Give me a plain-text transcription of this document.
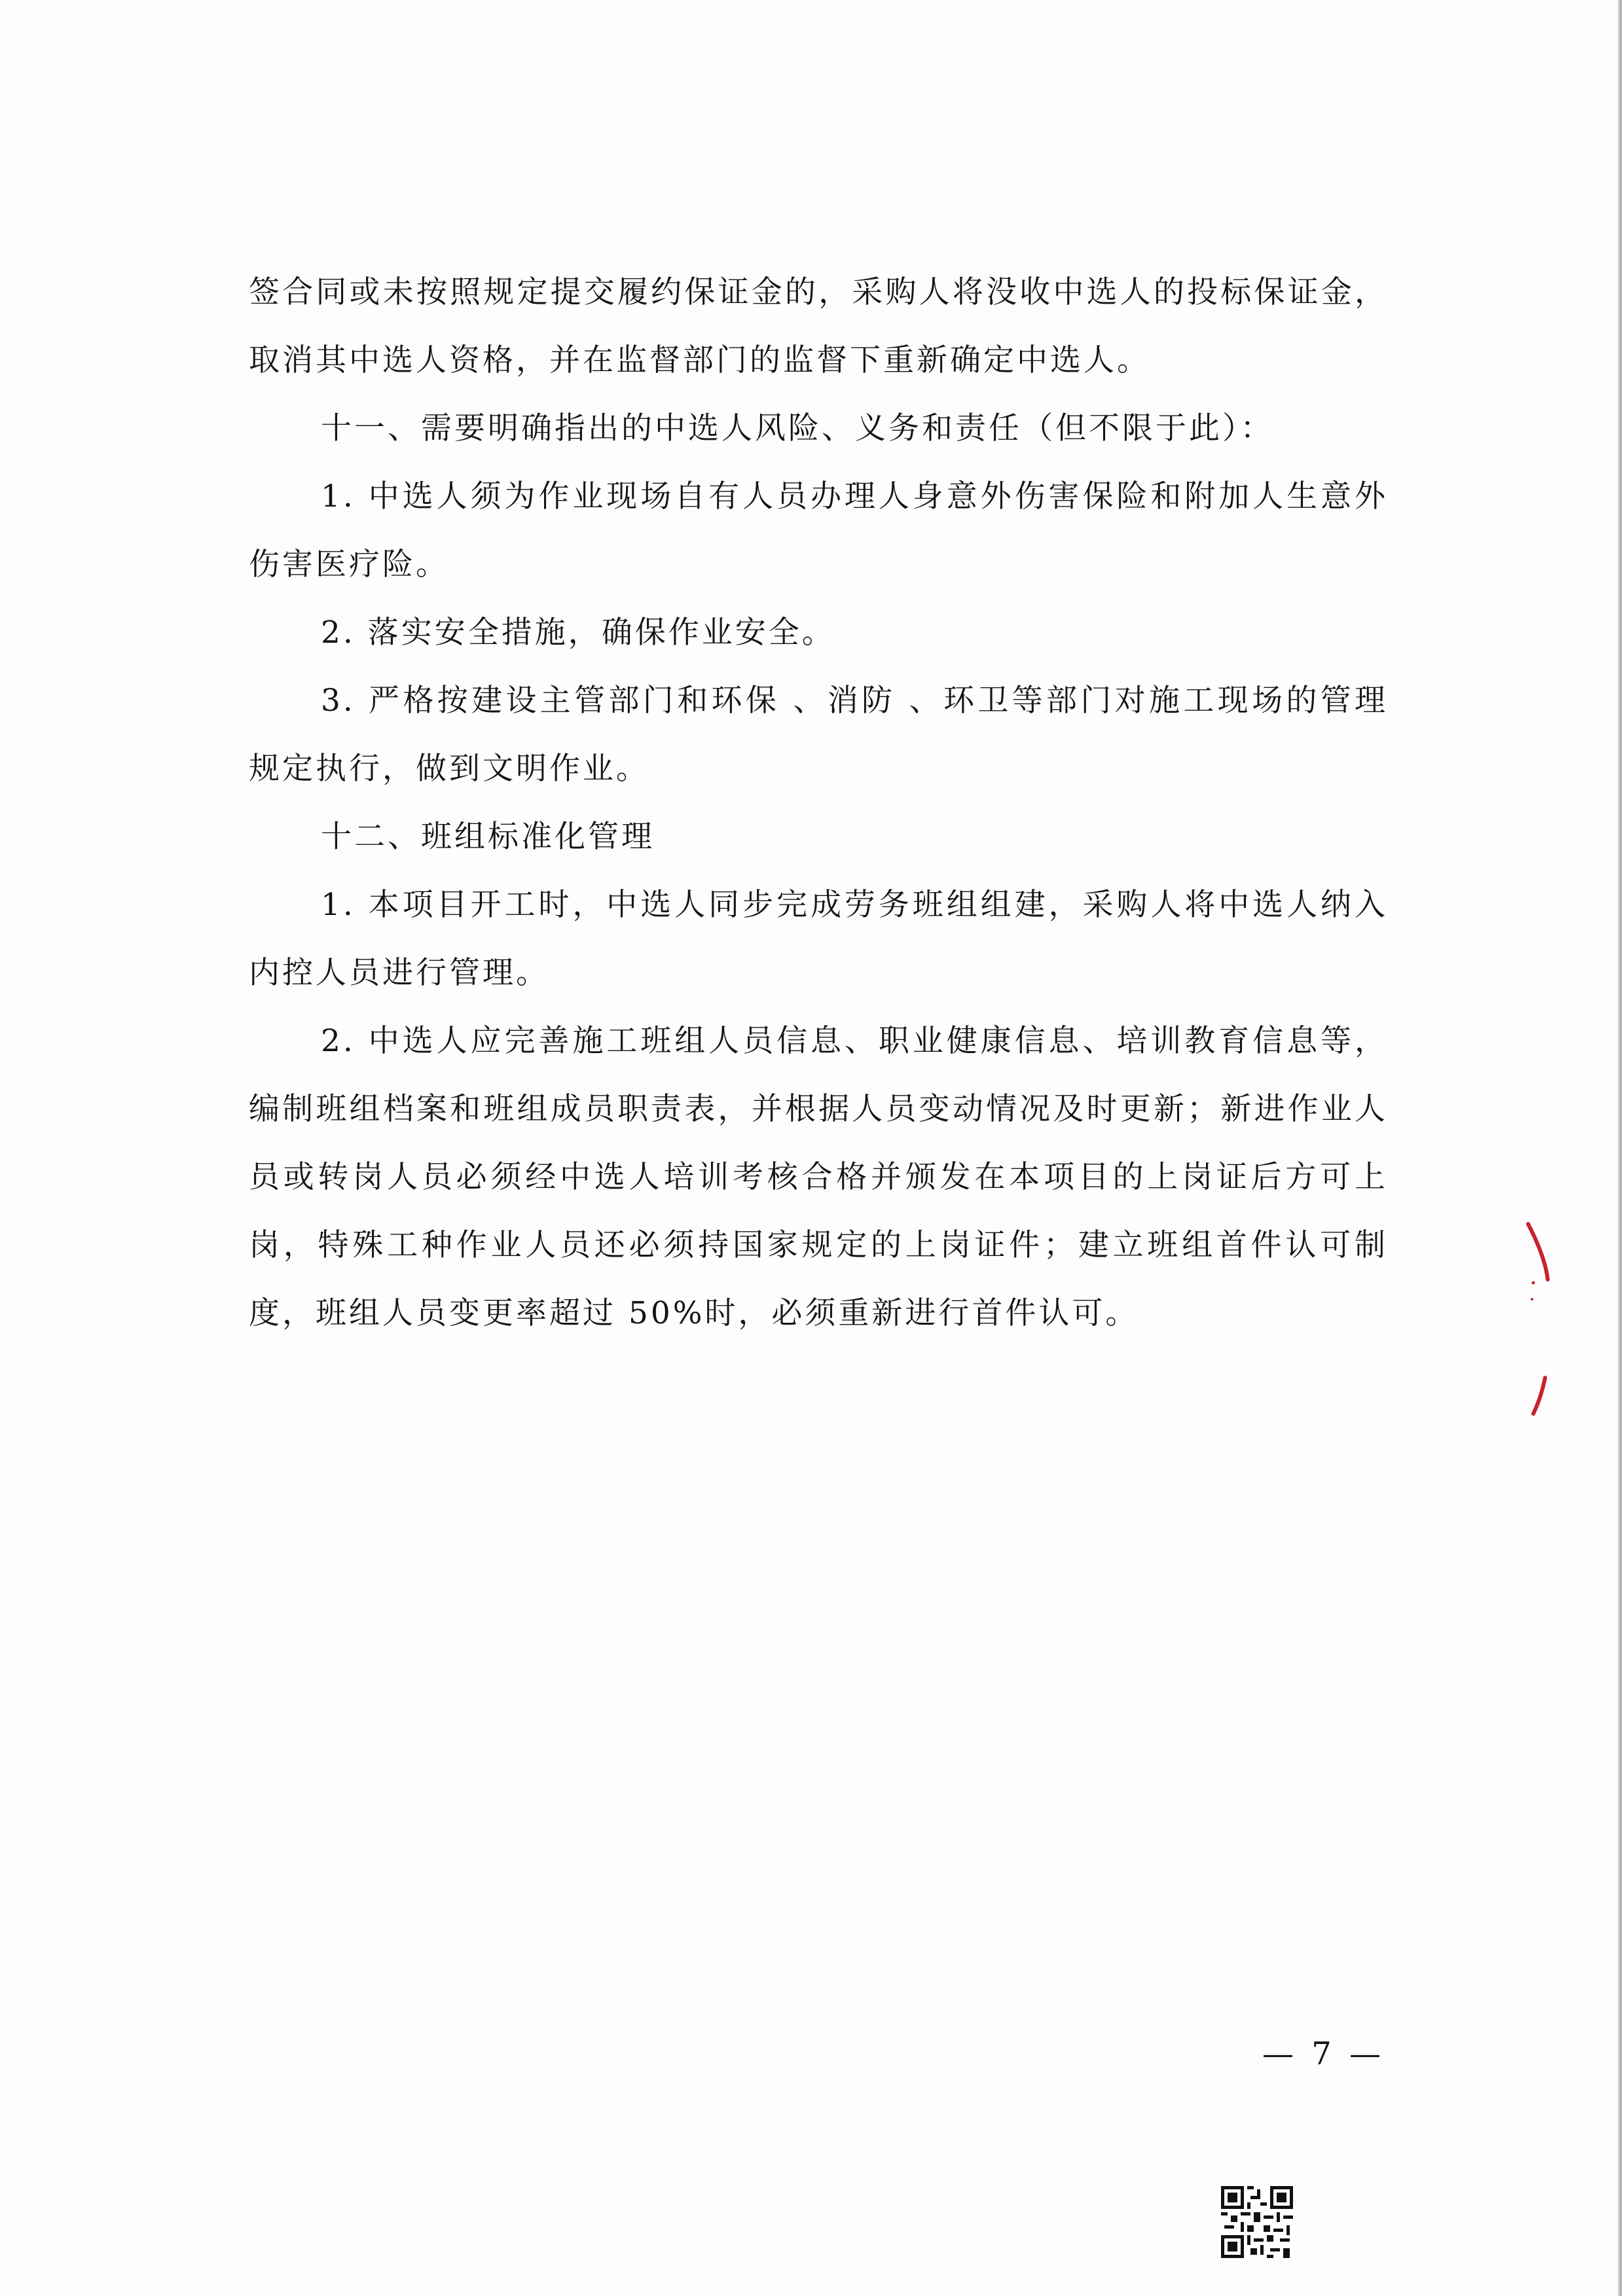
签合同或未按照规定提交履约保证金的，采购人将没收中选人的投标保证金，取消其中选人资格，并在监督部门的监督下重新确定中选人。

十一、需要明确指出的中选人风险、义务和责任（但不限于此）：

1. 中选人须为作业现场自有人员办理人身意外伤害保险和附加人生意外伤害医疗险。

2. 落实安全措施，确保作业安全。

3. 严格按建设主管部门和环保 、消防 、环卫等部门对施工现场的管理规定执行，做到文明作业。

十二、班组标准化管理

1. 本项目开工时，中选人同步完成劳务班组组建，采购人将中选人纳入内控人员进行管理。

2. 中选人应完善施工班组人员信息、职业健康信息、培训教育信息等，编制班组档案和班组成员职责表，并根据人员变动情况及时更新；新进作业人员或转岗人员必须经中选人培训考核合格并颁发在本项目的上岗证后方可上岗，特殊工种作业人员还必须持国家规定的上岗证件；建立班组首件认可制度，班组人员变更率超过 50%时，必须重新进行首件认可。

— 7 —
